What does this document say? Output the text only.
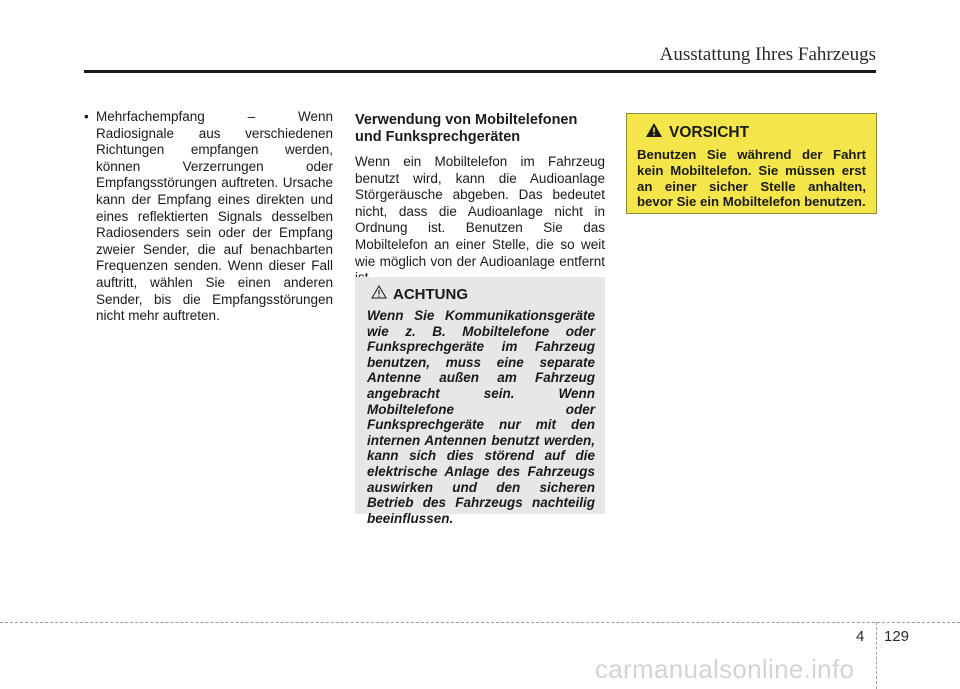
Ausstattung Ihres Fahrzeugs
• Mehrfachempfang – Wenn Radiosignale aus verschiedenen Richtungen empfangen werden, können Verzerrungen oder Empfangsstörungen auftreten. Ursache kann der Empfang eines direkten und eines reflektierten Signals desselben Radiosenders sein oder der Empfang zweier Sender, die auf benachbarten Frequenzen senden. Wenn dieser Fall auftritt, wählen Sie einen anderen Sender, bis die Empfangsstörungen nicht mehr auftreten.
Verwendung von Mobiltelefonen
und Funksprechgeräten

Wenn ein Mobiltelefon im Fahrzeug benutzt wird, kann die Audioanlage Störgeräusche abgeben. Das bedeutet nicht, dass die Audioanlage nicht in Ordnung ist. Benutzen Sie das Mobiltelefon an einer Stelle, die so weit wie möglich von der Audioanlage entfernt

ACHTUNG

Wenn Sie Kommunikationsgeräte wie z. B. Mobiltelefone oder Funksprechgeräte im Fahrzeug benutzen, muss eine separate Antenne außen am Fahrzeug angebracht sein. Wenn Mobiltelefone oder Funksprechgeräte nur mit den internen Antennen benutzt werden, kann sich dies störend auf die elektrische Anlage des Fahrzeugs auswirken und den sicheren Betrieb des Fahrzeugs nachteilig beeinflussen.

VORSICHT

Benutzen Sie während der Fahrt kein Mobiltelefon. Sie müssen erst an einer sicher Stelle anhalten, bevor Sie ein Mobiltelefon benutzen.

4 129
carmanualsonline.info
